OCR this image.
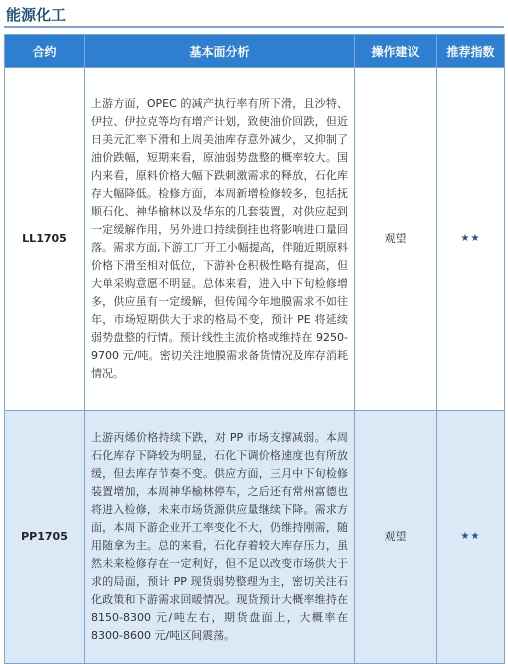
能源化工
合约	基本面分析	操作建议	推荐指数
LL1705	上游方面，OPEC 的减产执行率有所下滑，且沙特、伊拉、伊拉克等均有增产计划，致使油价回跌，但近日美元汇率下滑和上周美油库存意外减少，又抑制了油价跌幅，短期来看，原油弱势盘整的概率较大。国内来看，原料价格大幅下跌刺激需求的释放，石化库存大幅降低。检修方面，本周新增检修较多，包括抚顺石化、神华榆林以及华东的几套装置，对供应起到一定缓解作用，另外进口持续倒挂也将影响进口量回落。需求方面,下游工厂开工小幅提高，伴随近期原料价格下滑至相对低位，下游补仓积极性略有提高，但大单采购意愿不明显。总体来看，进入中下旬检修增多，供应虽有一定缓解，但传闻今年地膜需求不如往年，市场短期供大于求的格局不变，预计 PE 将延续弱势盘整的行情。预计线性主流价格或维持在 9250-9700 元/吨。密切关注地膜需求备货情况及库存消耗情况。	观望	★★
PP1705	上游丙烯价格持续下跌，对 PP 市场支撑减弱。本周石化库存下降较为明显，石化下调价格速度也有所放缓，但去库存节奏不变。供应方面，三月中下旬检修装置增加，本周神华榆林停车，之后还有常州富德也将进入检修，未来市场货源供应量继续下降。需求方面，本周下游企业开工率变化不大，仍维持刚需，随用随拿为主。总的来看，石化存着较大库存压力，虽然未来检修存在一定利好，但不足以改变市场供大于求的局面，预计 PP 现货弱势整理为主，密切关注石化政策和下游需求回暖情况。现货预计大概率维持在 8150-8300 元/吨左右，期货盘面上，大概率在 8300-8600 元/吨区间震荡。	观望	★★
